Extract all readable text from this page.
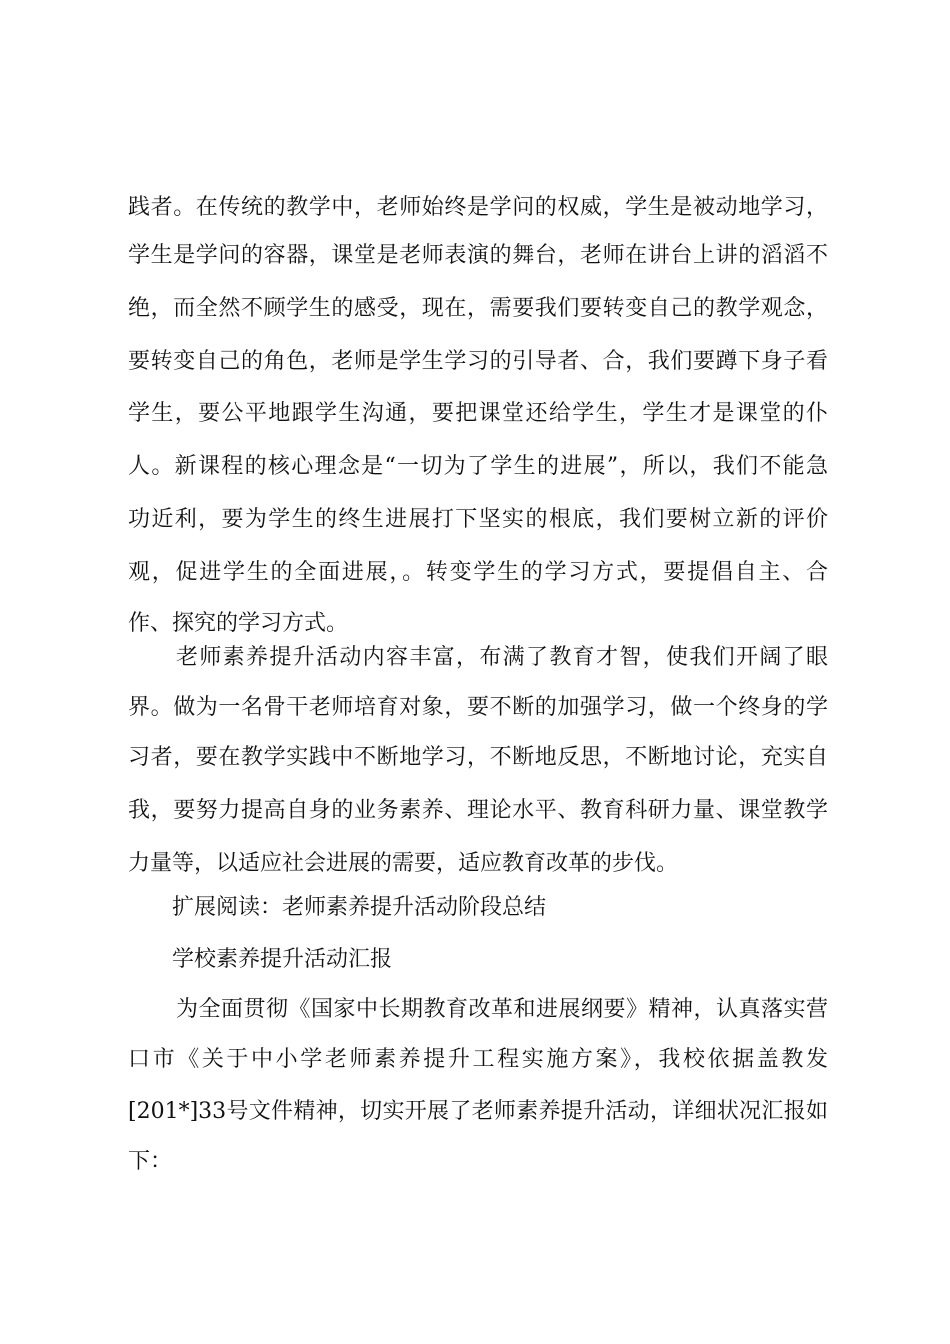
践者。在传统的教学中，老师始终是学问的权威，学生是被动地学习，
学生是学问的容器，课堂是老师表演的舞台，老师在讲台上讲的滔滔不
绝，而全然不顾学生的感受，现在，需要我们要转变自己的教学观念，
要转变自己的角色，老师是学生学习的引导者、合，我们要蹲下身子看
学生，要公平地跟学生沟通，要把课堂还给学生，学生才是课堂的仆
人。新课程的核心理念是“一切为了学生的进展”，所以，我们不能急
功近利，要为学生的终生进展打下坚实的根底，我们要树立新的评价
观，促进学生的全面进展，。转变学生的学习方式，要提倡自主、合
作、探究的学习方式。
老师素养提升活动内容丰富，布满了教育才智，使我们开阔了眼
界。做为一名骨干老师培育对象，要不断的加强学习，做一个终身的学
习者，要在教学实践中不断地学习，不断地反思，不断地讨论，充实自
我，要努力提高自身的业务素养、理论水平、教育科研力量、课堂教学
力量等，以适应社会进展的需要，适应教育改革的步伐。
扩展阅读：老师素养提升活动阶段总结
学校素养提升活动汇报
为全面贯彻《国家中长期教育改革和进展纲要》精神，认真落实营
口市《关于中小学老师素养提升工程实施方案》，我校依据盖教发
[201*]33号文件精神，切实开展了老师素养提升活动，详细状况汇报如
下：
